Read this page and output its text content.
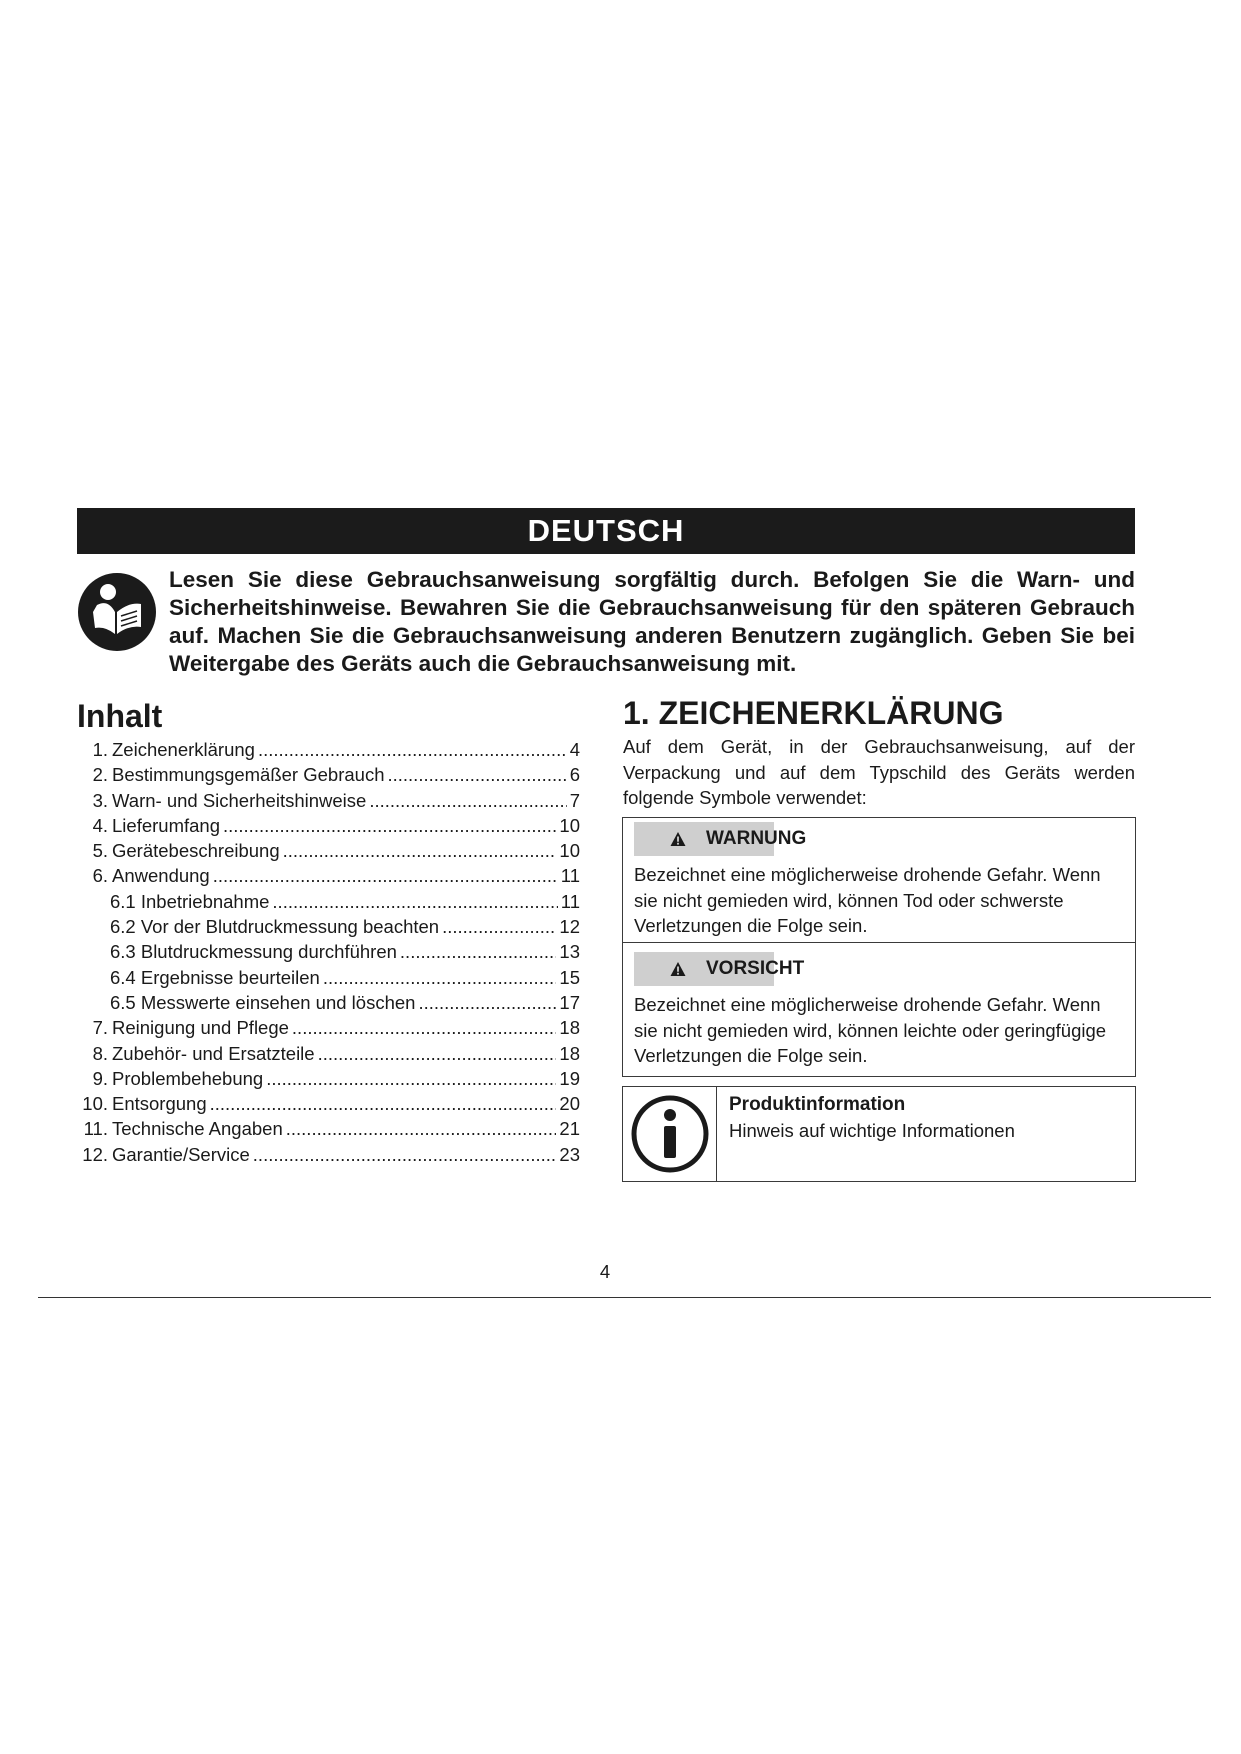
DEUTSCH

Lesen Sie diese Gebrauchsanweisung sorgfältig durch. Befolgen Sie die Warn- und Sicherheitshinweise. Bewahren Sie die Gebrauchsanweisung für den späteren Gebrauch auf. Machen Sie die Gebrauchsanweisung anderen Benutzern zugänglich. Geben Sie bei Weitergabe des Geräts auch die Gebrauchsanweisung mit.

Inhalt
1. Zeichenerklärung .....	4
2. Bestimmungsgemäßer Gebrauch .....	6
3. Warn- und Sicherheitshinweise .....	7
4. Lieferumfang .....	10
5. Gerätebeschreibung .....	10
6. Anwendung .....	11
6.1 Inbetriebnahme .....	11
6.2 Vor der Blutdruckmessung beachten .....	12
6.3 Blutdruckmessung durchführen .....	13
6.4 Ergebnisse beurteilen .....	15
6.5 Messwerte einsehen und löschen .....	17
7. Reinigung und Pflege .....	18
8. Zubehör- und Ersatzteile .....	18
9. Problembehebung .....	19
10. Entsorgung .....	20
11. Technische Angaben .....	21
12. Garantie/Service .....	23
1. ZEICHENERKLÄRUNG

Auf dem Gerät, in der Gebrauchsanweisung, auf der Verpackung und auf dem Typschild des Geräts werden folgende Symbole verwendet:

WARNUNG

Bezeichnet eine möglicherweise drohende Gefahr. Wenn sie nicht gemieden wird, können Tod oder schwerste Verletzungen die Folge sein.

VORSICHT

Bezeichnet eine möglicherweise drohende Gefahr. Wenn sie nicht gemieden wird, können leichte oder geringfügige Verletzungen die Folge sein.

Produktinformation
Hinweis auf wichtige Informationen
4
